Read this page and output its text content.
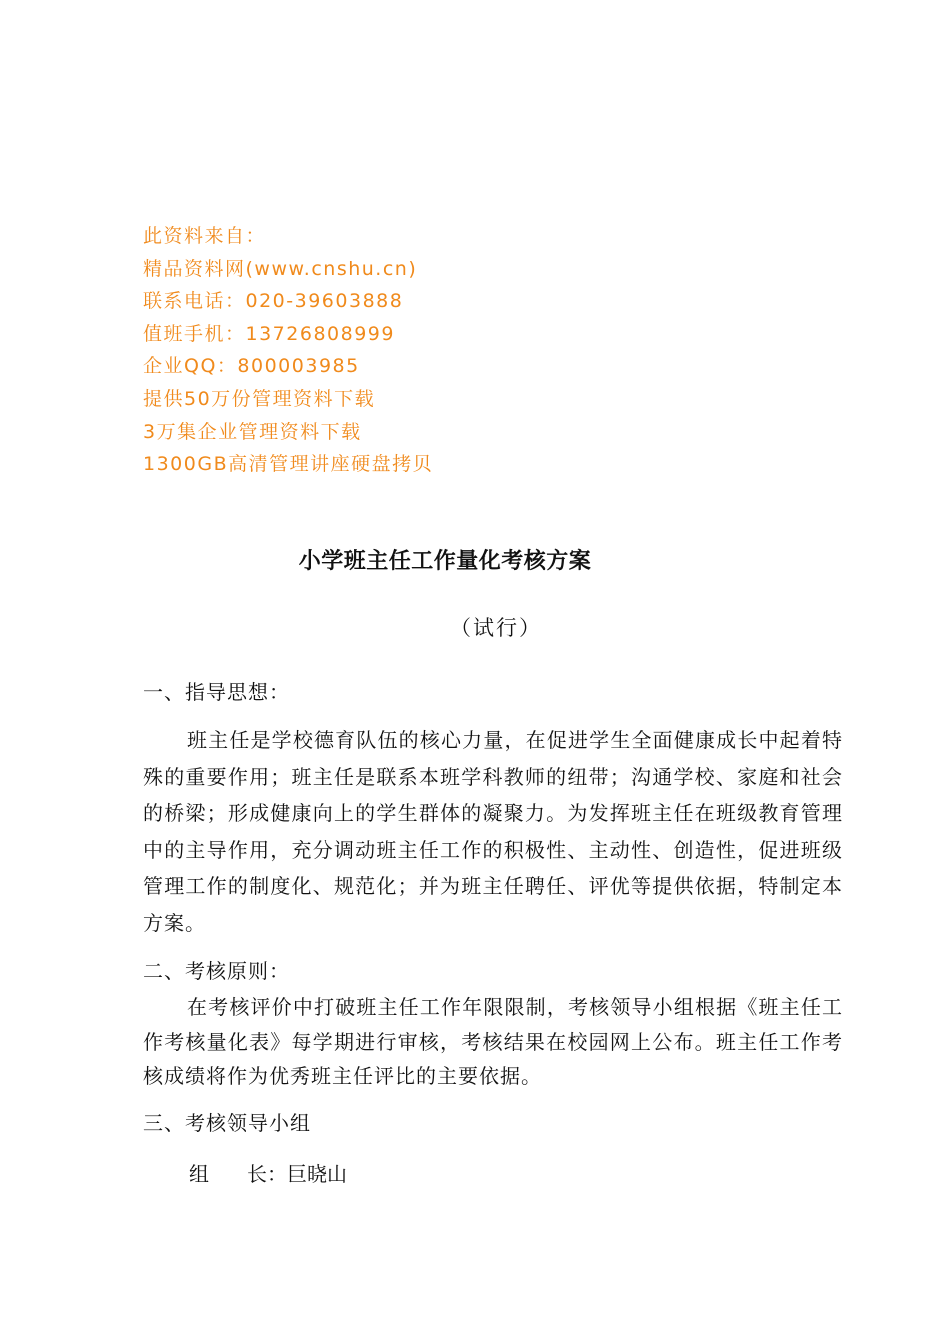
此资料来自：
精品资料网(www.cnshu.cn)
联系电话：020-39603888
值班手机：13726808999
企业QQ：800003985
提供50万份管理资料下载
3万集企业管理资料下载
1300GB高清管理讲座硬盘拷贝
小学班主任工作量化考核方案
（试行）
一、指导思想：

班主任是学校德育队伍的核心力量，在促进学生全面健康成长中起着特殊的重要作用；班主任是联系本班学科教师的纽带；沟通学校、家庭和社会的桥梁；形成健康向上的学生群体的凝聚力。为发挥班主任在班级教育管理中的主导作用，充分调动班主任工作的积极性、主动性、创造性，促进班级管理工作的制度化、规范化；并为班主任聘任、评优等提供依据，特制定本方案。

二、考核原则：

在考核评价中打破班主任工作年限限制，考核领导小组根据《班主任工作考核量化表》每学期进行审核，考核结果在校园网上公布。班主任工作考核成绩将作为优秀班主任评比的主要依据。

三、考核领导小组
组 长：巨晓山
